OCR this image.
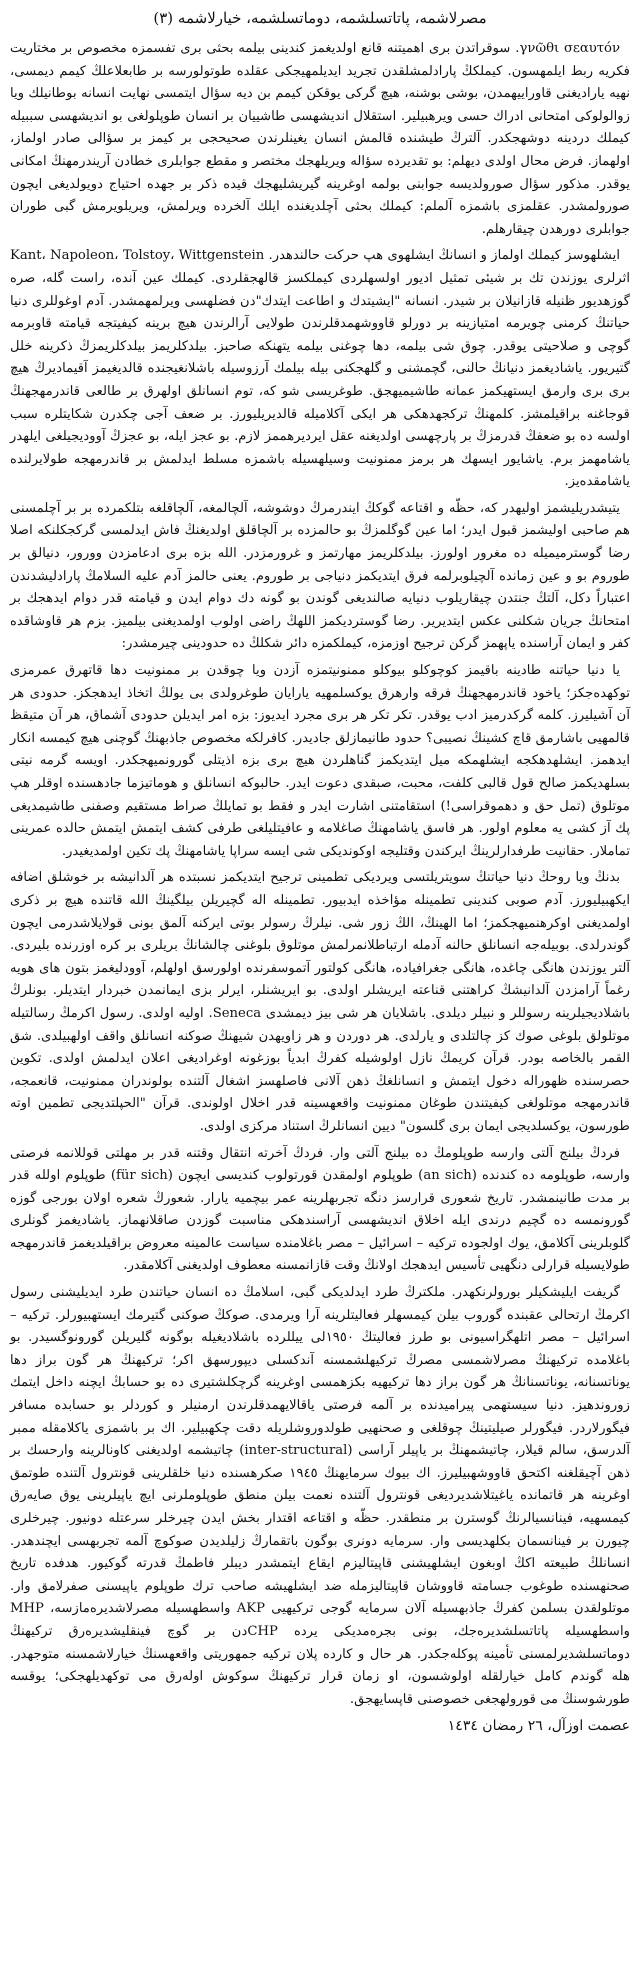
مصرلاشمه، پاتاتسلشمه، دوماتسلشمه، خیارلاشمه (٣)
γνῶθι σεαυτόν. سوقراتدن بری اهمیتنه قانع اولدیغمز کندینی بیلمه بحثی بری تفسمزه مخصوص بر مختاریت فکریه ربط ایلمهسون. کیملکڭ پارادلمشلقدن تجرید ایدیلمهیجکی عقلده طوتولورسه بر طابعلاعلڭ کیمم دیمسی، نهیه یاراديغنی قاوراییهمدن، بوشی بوشنه، هیچ گرکی یوقکن کیمم بن دیه سؤال ایتمسی نهایت انسانه بوطانیلك ویا زوالولوکی امتحانی ادراك حسی ویرهبیلیر. استقلال اندیشهسی طاشیيان بر انسان طوپلولغی بو اندیشهسی سببیله کیملك دردینه دوشهجکدر. آلترڭ طیشنده قالمش انسان یغینلرندن صحیحجی بر کیمز بر سؤالی صادر اولماز، اولهماز. فرض محال اولدی دیهلم: بو تقدیرده سؤاله ویریلهجك مختصر و مقطع جوابلری خطادن آریندرمهنڭ امکانی یوقدر. مذکور سؤال صورولدیسه جوابنی بولمه اوغرینه گیریشلیهجك قیده ذکر بر جهده احتیاج دویولدیغی ایچون صورولمشدر. عقلمزی باشمزه آلملم: کیملك بحثی آچلدیغنده ایلك آلخرده ویرلمش، ویریلویرمش گبی طوران جوابلری دورهدن چیقارهلم.
ایشلهوسز کیملك اولماز و انسانڭ ایشلهوی هپ حرکت حالندهدر. Kant، Napoleon، Tolstoy، Wittgenstein اثرلری یوزندن تك بر شیئی تمثیل ادیور اولسهلردی کیملکسز قالهجقلردی. کیملك عین آنده، راست گله، صره گوزهدیور ظنیله قازانیلان بر شیدر. انسانه "ایشیتدك و اطاعت ایتدك"دن فضلهسی ویرلمهمشدر. آدم اوغوللری دنیا حیاتنڭ کرمنی چویرمه امتیازینه بر دورلو قاووشهمدقلرندن طولایی آرالرندن هیچ برینه کیفیتجه قیامته قاوبرمه گوچی و صلاحیتی یوقدر. چوق شی بیلمه، دها چوغنی بیلمه یتهنکه صاحبز. بیلدکلریمز بیلدکلریمزڭ ذکرینه خلل گتیریور. یاشادیغمز دنیانڭ حالنی، گچمشنی و گلهجکنی بیله بیلمك آرزوسیله باشلانغیجنده قالدیغیمز آقیمادیرڭ هیچ بری بری وارمق ایستهیکمز عمانه طاشیمیهجق. طوغریسی شو که، توم انسانلق اولهرق بر طالعی قاندرمهجهنڭ قوجاغنه براقیلمشز. کلمهنڭ ترکجهدهکی هر ایکی آکلاميله قالدیریلیورز. بر ضعف آجی چکدرن شکایتلره سبب اولسه ده بو ضعفڭ قدرمزڭ بر پارچهسی اولدیغنه عقل ایردیرهممز لازم. بو عجز ایله، بو عجزڭ آوودیجیلغی ایلهدر یاشامهمز برم. یاشایور ایسهك هر برمز ممنونیت وسیلهسیله باشمزه مسلط ایدلمش بر قاندرمهجه طولایرلندە یاشامقدەیز.
یتیشدریلیشمز اولیهدر که، حظّه و اقتاعه گوکڭ ایندرمرڭ دوشوشه، آلچالمغه، آلچاقلغه بتلکمرده بر بر آچلمسنی هم صاحبی اولیشمز قبول ایدر؛ اما عین گوگلمزڭ بو حالمزده بر آلچاقلق اولدیغنڭ فاش ایدلمسی گرکجکلنکه اصلا رضا گوسترمیمیله ده مغرور اولورز. بیلدکلریمز مهارتمز و غرورمزدر. الله بزه بری ادعامزدن وورور، دنیالق بر طوروم بو و عین زمانده آلچیلوبرلمه فرق ایتدیکمز دنیاجی بر طوروم. یعنی حالمز آدم علیه السلامڭ پارادلیشدندن اعتباراً دکل، آلتڭ جنتدن چیقاریلوب دنیایه صالندیغی گوندن بو گونه دك دوام ایدن و قیامته قدر دوام ایدهجك بر امتحانڭ جریان شکلنی عکس ایتدیریر. رضا گوستردیکمز اللهڭ راضی اولوب اولمدیغنی بیلمیز. بزم هر قاوشاقده کفر و ایمان آراسنده یاپهمز گرکن ترجیح اوزمزه، کیملکمزه دائر شکلڭ ده حدودینی چیرمشدر:
یا دنیا حیاتنه طادینه باقیمز کوچوکلو بیوکلو ممنونیتمزه آزدن ویا چوقدن بر ممنونیت دها قاتهرق عمرمزی توکهدەجکز؛ یاخود قاندرمهجهنڭ فرقه وارهرق یوکسلمهیه یارایان طوغرولدی بی یولڭ اتخاذ ایدهجکز. حدودی هر آن آشیلیرز. کلمه گرکدرمیز ادب یوقدر. تکر تکر هر بری مجرد ایدیوز: بزه امر ایدیلن حدودی آشماق، هر آن متیقظ قالمهیی باشارمق قاچ کشینڭ نصیبی؟ حدود طانیمازلق جادیدر. کافرلکه مخصوص جاذبهنڭ گوچنی هیچ کیمسه انکار ایدهمز. ایشلهدهکجه ایشلهمکه میل ایتدیکمز گناهلردن هیچ بری بزه اذیتلی گورونمیهجکدر. اویسه گرمه نیتی بسلهدیکمز صالح قول قالبی کلفت، محبت، صبقدی دعوت ایدر. حالبوکه انسانلق و هوماتیزما جادهسنده اوقلر هپ موتلوق (تمل حق و دهموقراسی!) استقامتنی اشارت ایدر و فقط بو تمایلڭ صراط مستقیم وصفنی طاشیمدیغی پك آز کشی یه معلوم اولور. هر فاسق یاشامهنڭ صاغلامه و عافیتلیلغی طرفی کشف ایتمش ایتمش حالده عمرینی تماملار. حقانیت طرفدارلرینڭ ایرکندن وقتلیجه اوکوندیکی شی ایسه سراپا یاشامهنڭ پك تکین اولمدیغیدر.
بدنڭ ویا روحڭ دنیا حیاتنڭ سویتریلتسی ویردیکی تطمینی ترجیح ایتدیکمز نسبتده هر آلدانیشه بر خوشلق اضافه ایکهبیلیورز. آدم صوبی کندینی تطمینله مؤاخذه ایدبیور. تطمینله اله گچیریلن بیلگینڭ الله قاتنده هیچ بر ذکری اولمدیغنی اوکرهنمیهجکمز؛ اما الهینڭ، الڭ زور شی. نیلرڭ رسولر بوتی ایرکنه آلمق بونی قولایلاشدرمی ایچون گوندرلدی. بوبیلەجه انسانلق حالنه آدمله ارتباطلانمرلمش موتلوق بلوغنی چالشانڭ بریلری بر کره اوزرنده بلیردی. آلتر یوزندن هانگی چاغده، هانگی جغرافیاده، هانگی کولتور آتموسفرنده اولورسق اولهلم، آوودلیغمز بتون هاى هویه رغماً آرامزدن آلدانیشڭ کراهتنی قناعته ایریشلر اولدی. بو ایریشنلر، ایرلر بزی ایمانمدن خبردار ایتدیلر. بونلرڭ باشلادیجیلرینه رسوللر و نبیلر دیلدی. باشلایان هر شی بیز دیمشدی Seneca. اولیه اولدی. رسول اکرمڭ رسالتیله موتلولق بلوغی صوك کز چالتلدی و یارلدی. هر دوردن و هر زاویهدن شیهنڭ صوکنه انسانلق واقف اولهبیلدی. شق القمر بالخاصه بودر. قرآن کریمڭ نازل اولوشیله کفرڭ ابدیاً بوزغونه اوغرادیغی اعلان ایدلمش اولدی. تکوین حصرسنده ظهوراله دخول ایتمش و انسانلغڭ ذهن آلانی فاصلهسز اشغال آلتنده بولوندران ممنونیت، قانعمجه، قاندرمهجه موتلولغی کیفیتندن طوغان ممنونیت واقعهسینه قدر اخلال اولوندی. قرآن "الحپلتدیجی تطمین اوته طورسون، یوکسلدیجی ایمان بری گلسون" دیین انسانلرڭ استناد مرکزی اولدی.
فردڭ بیلنج آلتی وارسه طوپلومڭ ده بیلنج آلتی وار. فردڭ آخرته انتقال وقتنه قدر بر مهلتی قوللانمه فرصتی وارسه، طوپلومه ده کندنده (an sich) طوپلوم اولمقدن قورتولوب کندیسی ایچون (für sich) طوپلوم اوللە قدر بر مدت طانینمشدر. تاریخ شعوری قرارسز دنگه تجربهلرینه عمر بیچمیه یارار. شعورڭ شعره اولان بورجی گوزه گورونمسه ده گچیم درندی ایله اخلاق اندیشهسی آراسندهکی مناسبت گوزدن صاقلانهماز. یاشادیغمز گونلری گلوبلرینی آکلامق، یوك اولجوده ترکیه – اسرائیل – مصر باغلامنده سیاست عالمینه معروض براقیلدیغمز قاندرمهجه طولایسیله قرارلی دنگهیی تأسیس ایدهجك اولانڭ وقت قازانمسنه معطوف اولدیغنی آکلامقدر.
گریفت ایلیشکیلر بورولرنکهدر. ملکترڭ طرد ایدلدیکی گبی، اسلامڭ ده انسان حیاتندن طرد ایدیلیشنی رسول اکرمڭ ارتحالی عقبنده گوروب بیلن کیمسهلر فعالیتلرینه آرا ویرمدی. صوکڭ صوکنی گتیرمك ایستهبیورلر. ترکیه – اسرائیل – مصر اتلهگراسیونی بو طرز فعالیتڭ ١٩٥٠لی ییللرده باشلادیغیله بوگونه گلیریلن گورونوگسیدر. بو باغلامده ترکیهنڭ مصرلاشمسی مصرڭ ترکیهلشمسنه آندکسلی دیپورسهق اکر؛ ترکیهنڭ هر گون براز دها یوناتسنانه، یوناتسنانڭ هر گون براز دها ترکیهیه بکزهمسی اوغرینه گرچکلشتیری ده بو حسابڭ ایچنه داخل ایتمك زوروندهیز. دنیا سیستهمی پیرامیدنده بر آلمه فرصتی یاقالایهمدقلرندن ارمنیلر و کوردلر بو حسابده مسافر فیگورلاردر. فیگورلر صیلیتینڭ چوقلغی و صحنهیی طولدوروشلریله دقت چکهبیلیر. اك بر باشمزی یاکلامقله ممبر آلدرسق، سالم قیلار، چاتیشمهنڭ بر یاپیلر آراسی (inter-structural) چاتیشمه اولدیغنی کاونالرینه وارحسك بر ذهن آچیقلغنه اکتحق قاووشهبیلیرز. اك بیوك سرمایهنڭ ١٩٤٥ صکرهسنده دنیا خلقلرینی قونترول آلتنده طوتمق اوغرینه هر قاتمانده یاغیتلاشدیردیغی قونترول آلتنده نعمت بیلن منطق طوپلوملرنی ایچ یاپیلرینی یوق صایەرق کیمسهیه، فینانسیالرنڭ گوسترن بر منطقدر. حظّه و اقتاعه اقتدار بخش ایدن چیرخلر سرعتله دونیور. چیرخلری چیورن بر فینانسمان بکلهدیسی وار. سرمایه دونری بوگون باتقمارڭ زلیلدیدن صوکوچ آلمه تجربهسی ایچندهدر. انسانلڭ طبیعته اكڭ اوبغون ایشلهیشنی قاپیتالیزم ایقاع ایتمشدر دیبلر فاطمڭ قدرته گوکیور. هدفده تاریخ صحنهسنده طوغوب جسامته قاووشان قاپیتالیزمله ضد ایشلهیشه صاحب ترك طوپلوم یاپیسنی صفرلامق وار. موتلولقدن بسلمن کفرڭ جاذبهسیله آلان سرمایه گوجی ترکیهیی AKP واسطهسیله مصرلاشدیرەمازسه، MHP واسطهسیله پاتاتسلشدیرەجك، بونی بجرەمدیکی یرده CHPدن بر گوچ فینقلیشدیرەرق ترکیهنڭ دوماتسلشدیرلمسنی تأمینه پوکله‌جکدر. هر حال و کارده پلان ترکیه جمهوریتی واقعهسنڭ خیارلاشمسنه متوجهدر. هله گوندم کامل خیارلقله اولوشسون، او زمان قرار ترکیهنڭ سوکوش اولەرق می توکهدیلهجکی؛ یوقسه طورشوسنڭ می قورولهجغی خصوصنی قاپسایهجق.
عصمت اوزآل، ٢٦ رمضان ١٤٣٤
